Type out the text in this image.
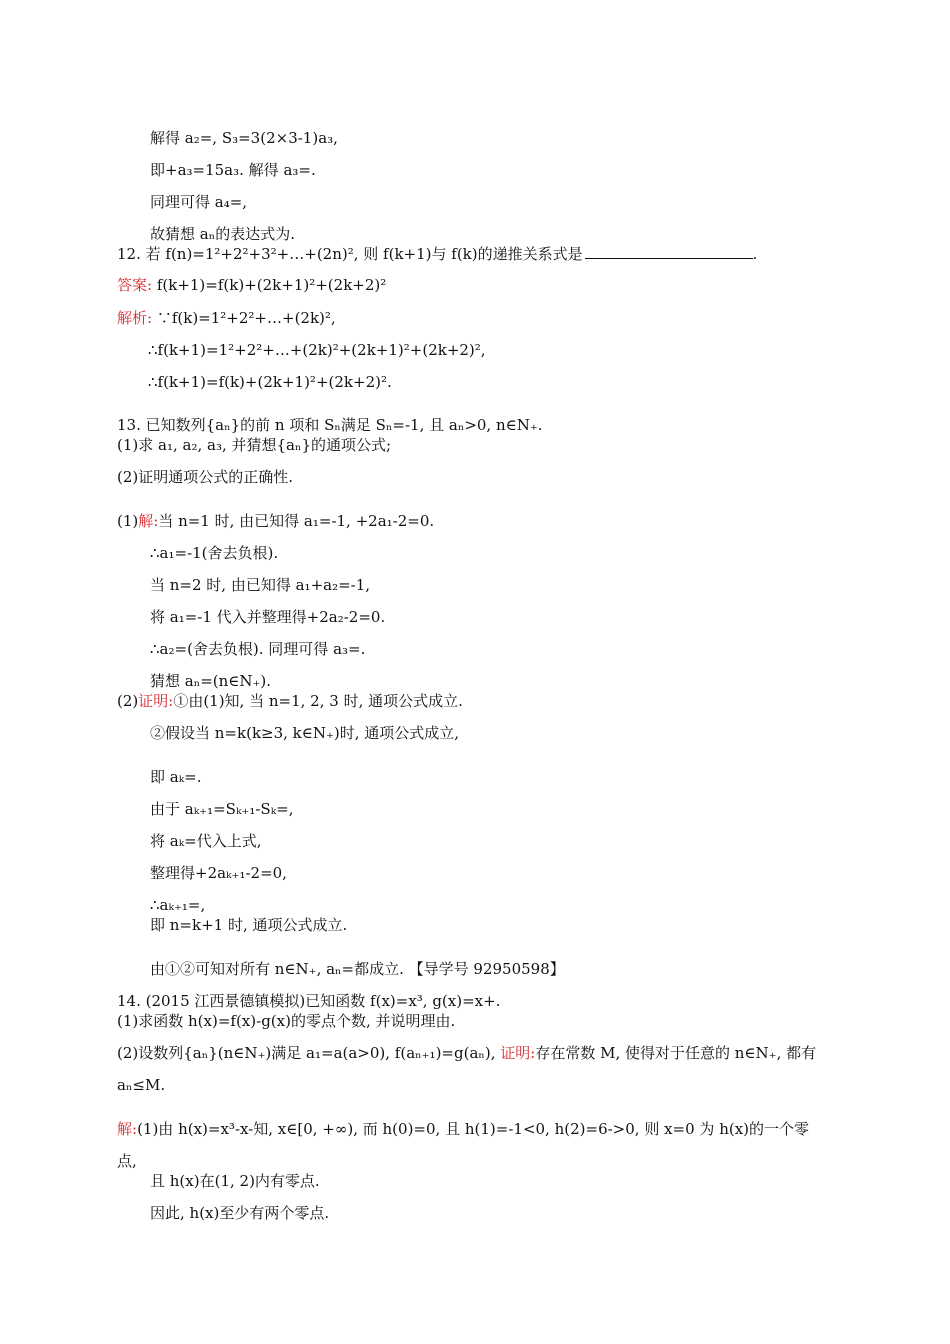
解得 a₂=, S₃=3(2×3-1)a₃,
即+a₃=15a₃. 解得 a₃=.
同理可得 a₄=,
故猜想 aₙ的表达式为.
12. 若 f(n)=1²+2²+3²+…+(2n)², 则 f(k+1)与 f(k)的递推关系式是	.
答案: f(k+1)=f(k)+(2k+1)²+(2k+2)²
解析: ∵f(k)=1²+2²+…+(2k)²,
∴f(k+1)=1²+2²+…+(2k)²+(2k+1)²+(2k+2)²,
∴f(k+1)=f(k)+(2k+1)²+(2k+2)².
13. 已知数列{aₙ}的前 n 项和 Sₙ满足 Sₙ=-1, 且 aₙ>0, n∈N₊.
(1)求 a₁, a₂, a₃, 并猜想{aₙ}的通项公式;
(2)证明通项公式的正确性.
(1)解:当 n=1 时, 由已知得 a₁=-1, +2a₁-2=0.
∴a₁=-1(舍去负根).
当 n=2 时, 由已知得 a₁+a₂=-1,
将 a₁=-1 代入并整理得+2a₂-2=0.
∴a₂=(舍去负根). 同理可得 a₃=.
猜想 aₙ=(n∈N₊).
(2)证明:①由(1)知, 当 n=1, 2, 3 时, 通项公式成立.
②假设当 n=k(k≥3, k∈N₊)时, 通项公式成立,
即 aₖ=.
由于 aₖ₊₁=Sₖ₊₁-Sₖ=,
将 aₖ=代入上式,
整理得+2aₖ₊₁-2=0,
∴aₖ₊₁=,
即 n=k+1 时, 通项公式成立.
由①②可知对所有 n∈N₊, aₙ=都成立. 【导学号 92950598】
14. (2015 江西景德镇模拟)已知函数 f(x)=x³, g(x)=x+.
(1)求函数 h(x)=f(x)-g(x)的零点个数, 并说明理由.
(2)设数列{aₙ}(n∈N₊)满足 a₁=a(a>0), f(aₙ₊₁)=g(aₙ), 证明:存在常数 M, 使得对于任意的 n∈N₊, 都有
aₙ≤M.
解:(1)由 h(x)=x³-x-知, x∈[0, +∞), 而 h(0)=0, 且 h(1)=-1<0, h(2)=6->0, 则 x=0 为 h(x)的一个零
点,
且 h(x)在(1, 2)内有零点.
因此, h(x)至少有两个零点.
